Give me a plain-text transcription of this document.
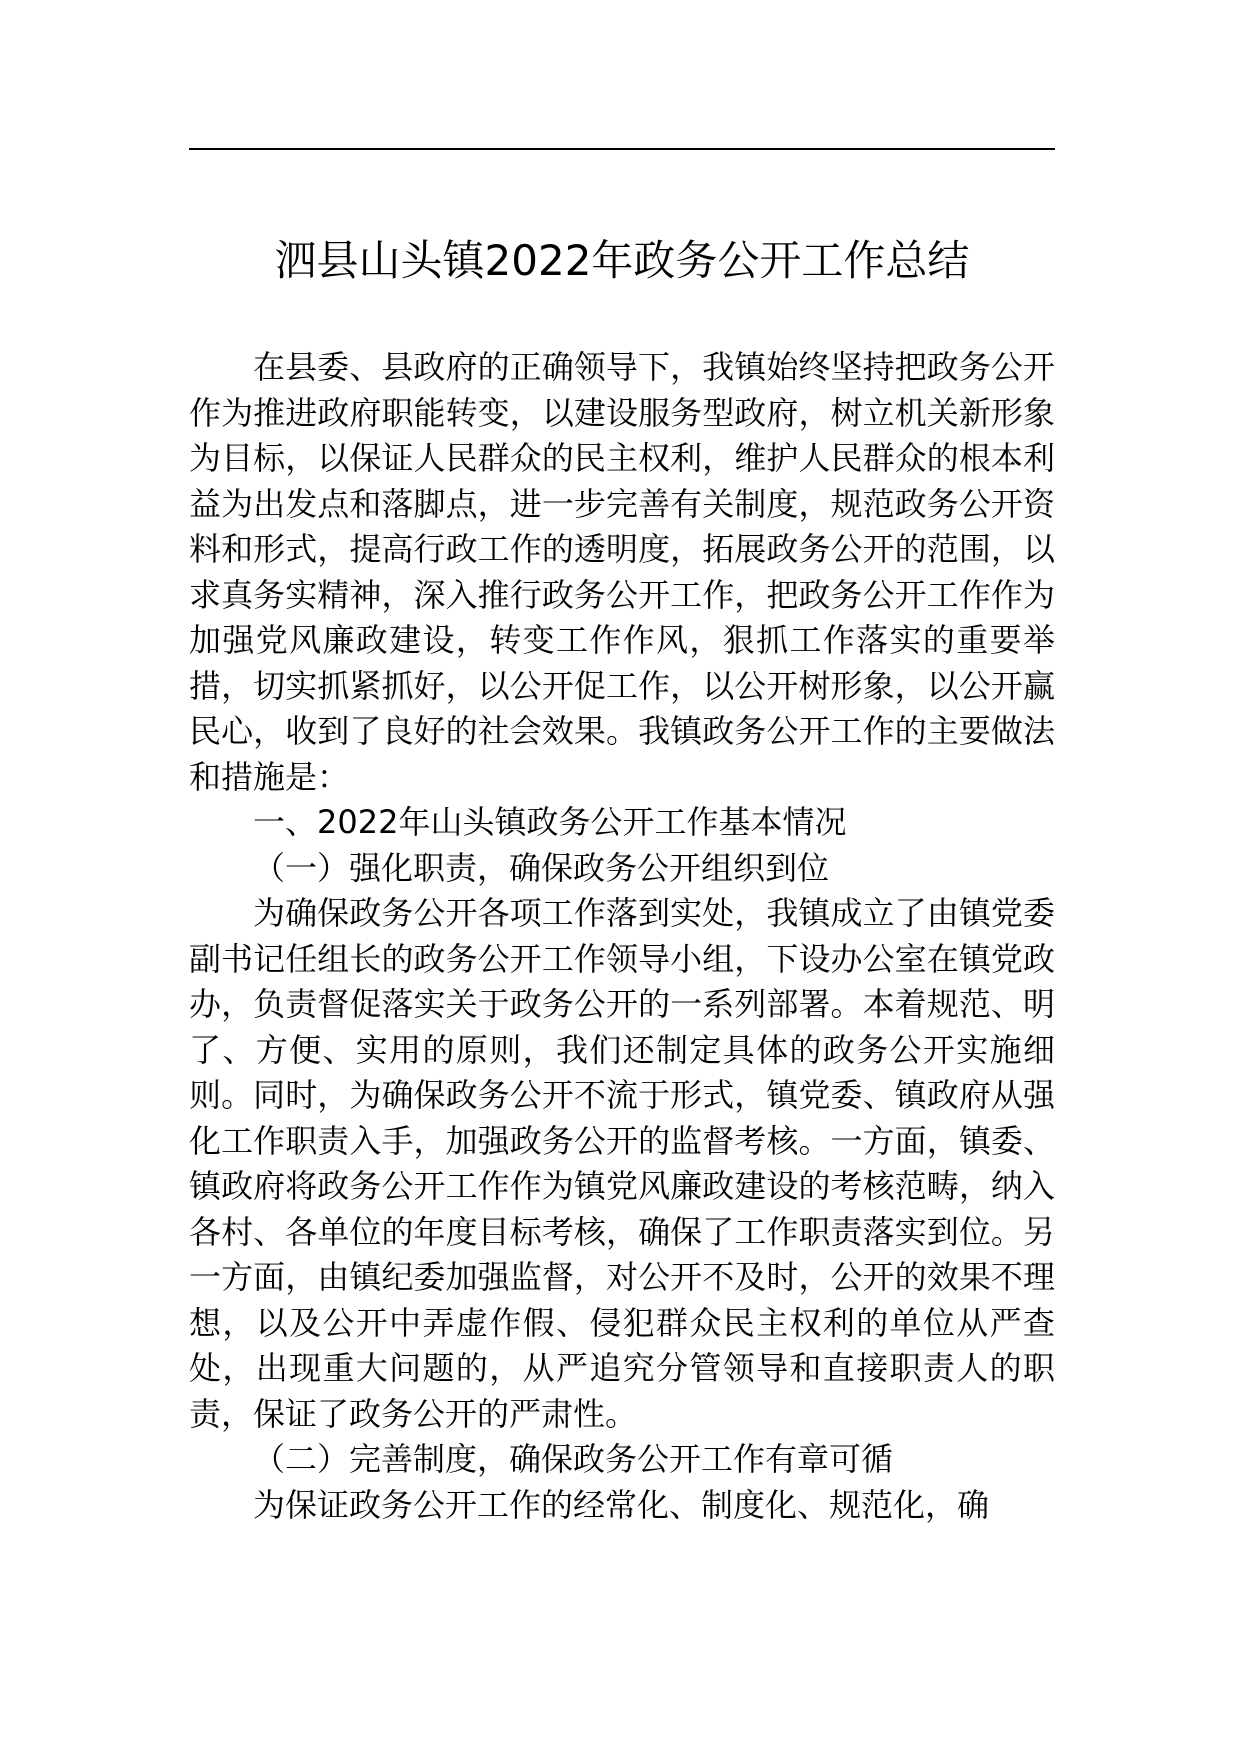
泗县山头镇2022年政务公开工作总结

在县委、县政府的正确领导下，我镇始终坚持把政务公开作为推进政府职能转变，以建设服务型政府，树立机关新形象为目标，以保证人民群众的民主权利，维护人民群众的根本利益为出发点和落脚点，进一步完善有关制度，规范政务公开资料和形式，提高行政工作的透明度，拓展政务公开的范围，以求真务实精神，深入推行政务公开工作，把政务公开工作作为加强党风廉政建设，转变工作作风，狠抓工作落实的重要举措，切实抓紧抓好，以公开促工作，以公开树形象，以公开赢民心，收到了良好的社会效果。我镇政务公开工作的主要做法和措施是：

一、2022年山头镇政务公开工作基本情况

（一）强化职责，确保政务公开组织到位

为确保政务公开各项工作落到实处，我镇成立了由镇党委副书记任组长的政务公开工作领导小组，下设办公室在镇党政办，负责督促落实关于政务公开的一系列部署。本着规范、明了、方便、实用的原则，我们还制定具体的政务公开实施细则。同时，为确保政务公开不流于形式，镇党委、镇政府从强化工作职责入手，加强政务公开的监督考核。一方面，镇委、镇政府将政务公开工作作为镇党风廉政建设的考核范畴，纳入各村、各单位的年度目标考核，确保了工作职责落实到位。另一方面，由镇纪委加强监督，对公开不及时，公开的效果不理想，以及公开中弄虚作假、侵犯群众民主权利的单位从严查处，出现重大问题的，从严追究分管领导和直接职责人的职责，保证了政务公开的严肃性。

（二）完善制度，确保政务公开工作有章可循

为保证政务公开工作的经常化、制度化、规范化，确
